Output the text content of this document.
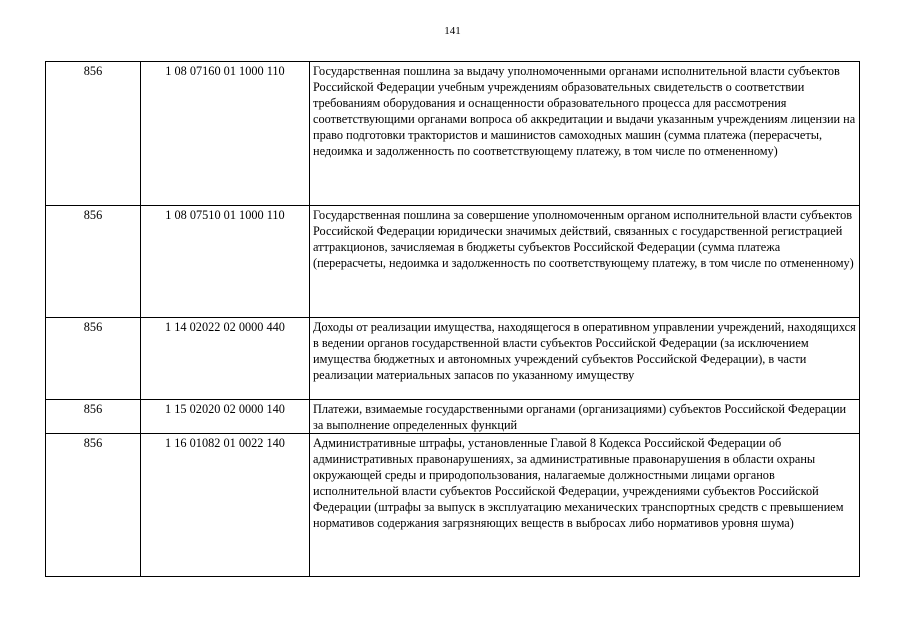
141
856	1 08 07160 01 1000 110	Государственная пошлина за выдачу уполномоченными органами исполнительной власти субъектов Российской Федерации учебным учреждениям образовательных свидетельств о соответствии требованиям оборудования и оснащенности образовательного процесса для рассмотрения соответствующими органами вопроса об аккредитации и выдачи указанным учреждениям лицензии на право подготовки трактористов и машинистов самоходных машин (сумма платежа (перерасчеты, недоимка и задолженность по соответствующему платежу, в том числе по отмененному)
856	1 08 07510 01 1000 110	Государственная пошлина за совершение уполномоченным органом исполнительной власти субъектов Российской Федерации юридически значимых действий, связанных с государственной регистрацией аттракционов, зачисляемая в бюджеты субъектов Российской Федерации (сумма платежа (перерасчеты, недоимка и задолженность по соответствующему платежу, в том числе по отмененному)
856	1 14 02022 02 0000 440	Доходы от реализации имущества, находящегося в оперативном управлении учреждений, находящихся в ведении органов государственной власти субъектов Российской Федерации (за исключением имущества бюджетных и автономных учреждений субъектов Российской Федерации), в части реализации материальных запасов по указанному имуществу
856	1 15 02020 02 0000 140	Платежи, взимаемые государственными органами (организациями) субъектов Российской Федерации за выполнение определенных функций
856	1 16 01082 01 0022 140	Административные штрафы, установленные Главой 8 Кодекса Российской Федерации об административных правонарушениях, за административные правонарушения в области охраны окружающей среды и природопользования, налагаемые должностными лицами органов исполнительной власти субъектов Российской Федерации, учреждениями субъектов Российской Федерации (штрафы за выпуск в эксплуатацию механических транспортных средств с превышением нормативов содержания загрязняющих веществ в выбросах либо нормативов уровня шума)
